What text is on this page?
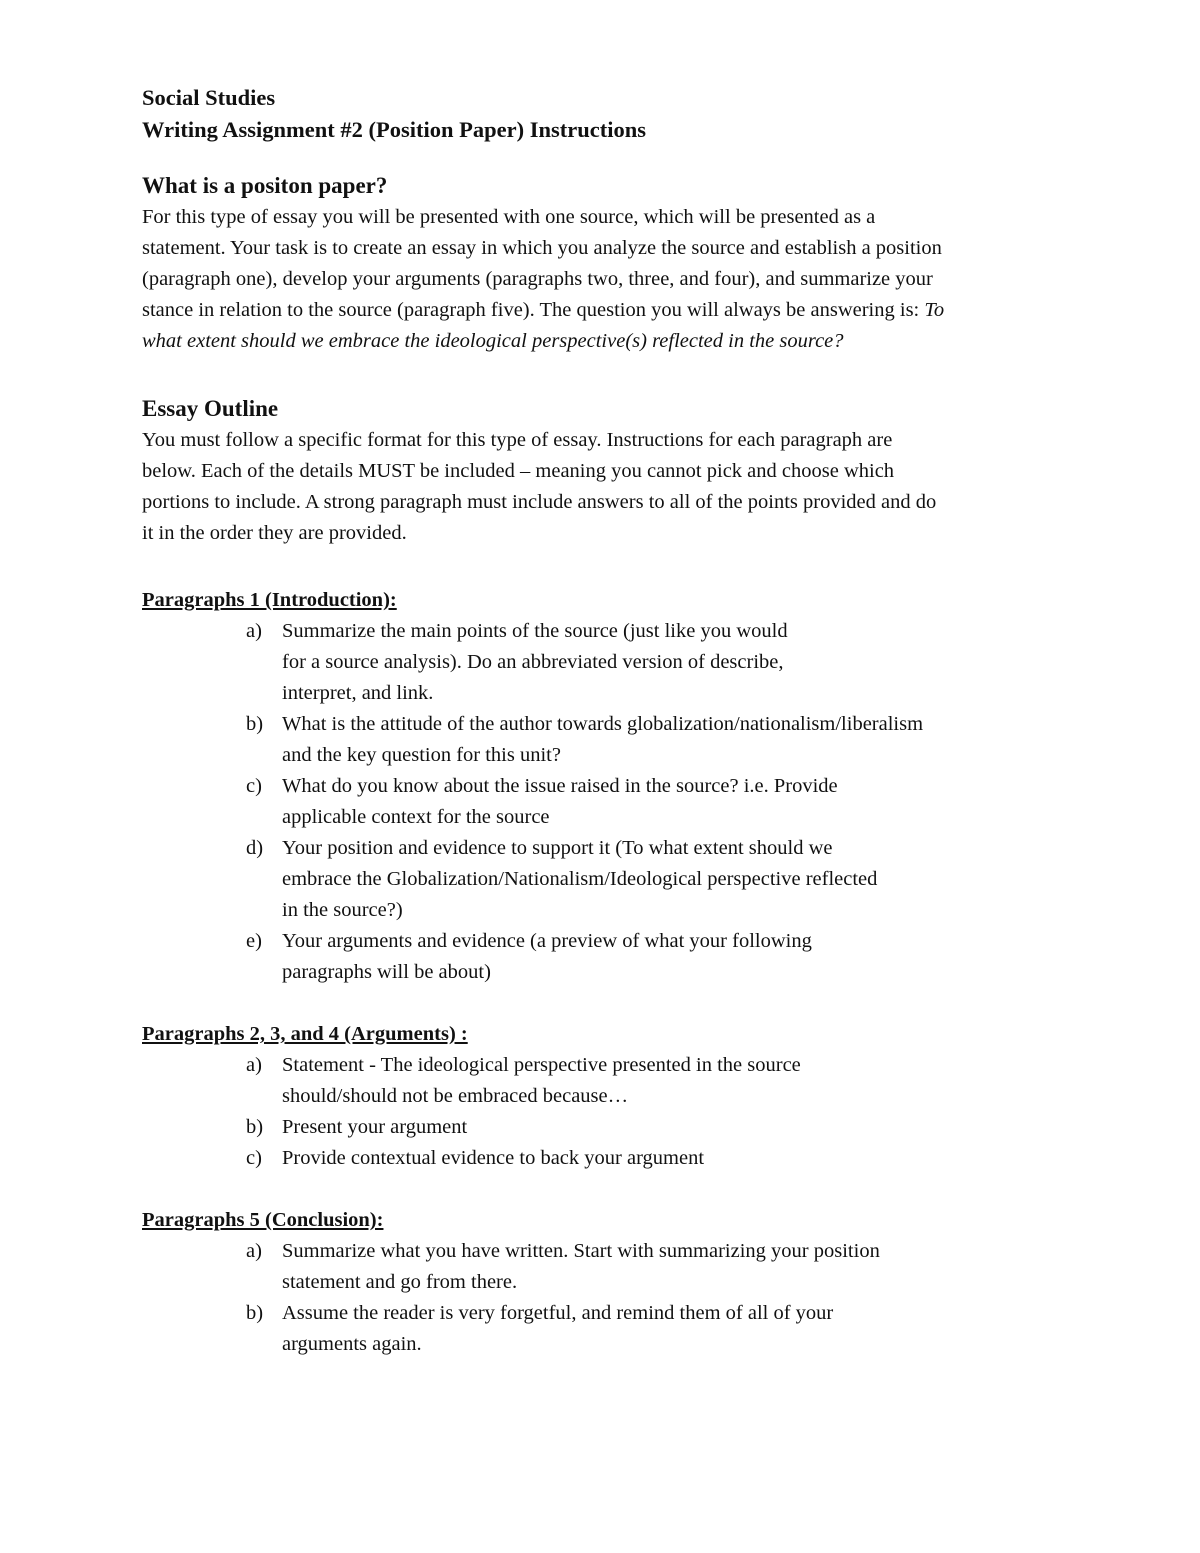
Social Studies

Writing Assignment #2 (Position Paper) Instructions

What is a positon paper?

For this type of essay you will be presented with one source, which will be presented as a statement. Your task is to create an essay in which you analyze the source and establish a position (paragraph one), develop your arguments (paragraphs two, three, and four), and summarize your stance in relation to the source (paragraph five). The question you will always be answering is: To what extent should we embrace the ideological perspective(s) reflected in the source?

Essay Outline

You must follow a specific format for this type of essay. Instructions for each paragraph are below. Each of the details MUST be included – meaning you cannot pick and choose which portions to include. A strong paragraph must include answers to all of the points provided and do it in the order they are provided.

Paragraphs 1 (Introduction):

a) Summarize the main points of the source (just like you would for a source analysis). Do an abbreviated version of describe, interpret, and link.
b) What is the attitude of the author towards globalization/nationalism/liberalism and the key question for this unit?
c) What do you know about the issue raised in the source? i.e. Provide applicable context for the source
d) Your position and evidence to support it (To what extent should we embrace the Globalization/Nationalism/Ideological perspective reflected in the source?)
e) Your arguments and evidence (a preview of what your following paragraphs will be about)

Paragraphs 2, 3, and 4 (Arguments) :

a) Statement - The ideological perspective presented in the source should/should not be embraced because…
b) Present your argument
c) Provide contextual evidence to back your argument

Paragraphs 5 (Conclusion):

a) Summarize what you have written. Start with summarizing your position statement and go from there.
b) Assume the reader is very forgetful, and remind them of all of your arguments again.
